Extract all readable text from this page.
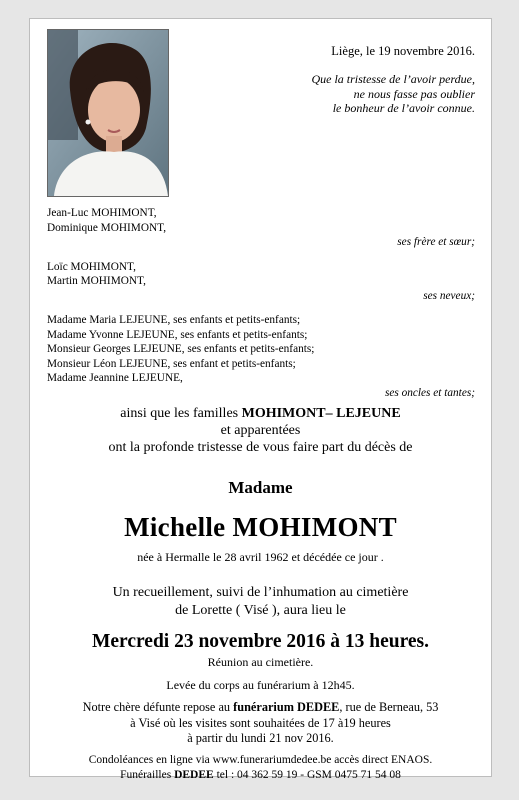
Liège, le 19 novembre 2016.
Que la tristesse de l’avoir perdue,
ne nous fasse pas oublier
le bonheur de l’avoir connue.
Jean-Luc MOHIMONT,
Dominique MOHIMONT,
ses frère et sœur;
Loïc MOHIMONT,
Martin MOHIMONT,
ses neveux;
Madame Maria LEJEUNE, ses enfants et petits-enfants;
Madame Yvonne LEJEUNE, ses enfants et petits-enfants;
Monsieur Georges LEJEUNE, ses enfants et petits-enfants;
Monsieur Léon LEJEUNE, ses enfant et petits-enfants;
Madame Jeannine LEJEUNE,
ses oncles et tantes;
ainsi que les familles MOHIMONT– LEJEUNE
et apparentées
ont la profonde tristesse de vous faire part du décès de
Madame
Michelle MOHIMONT
née à Hermalle le 28 avril 1962 et décédée ce jour .
Un recueillement, suivi de l’inhumation au cimetière
de Lorette ( Visé ), aura lieu le
Mercredi 23 novembre 2016 à 13 heures.
Réunion au cimetière.
Levée du corps au funérarium à 12h45.
Notre chère défunte repose au funérarium DEDEE, rue de Berneau, 53
à Visé où les visites sont souhaitées de 17 à19 heures
à partir du lundi 21 nov 2016.
Condoléances en ligne via www.funerariumdedee.be accès direct ENAOS.
Funérailles DEDEE tel : 04 362 59 19 - GSM 0475 71 54 08
